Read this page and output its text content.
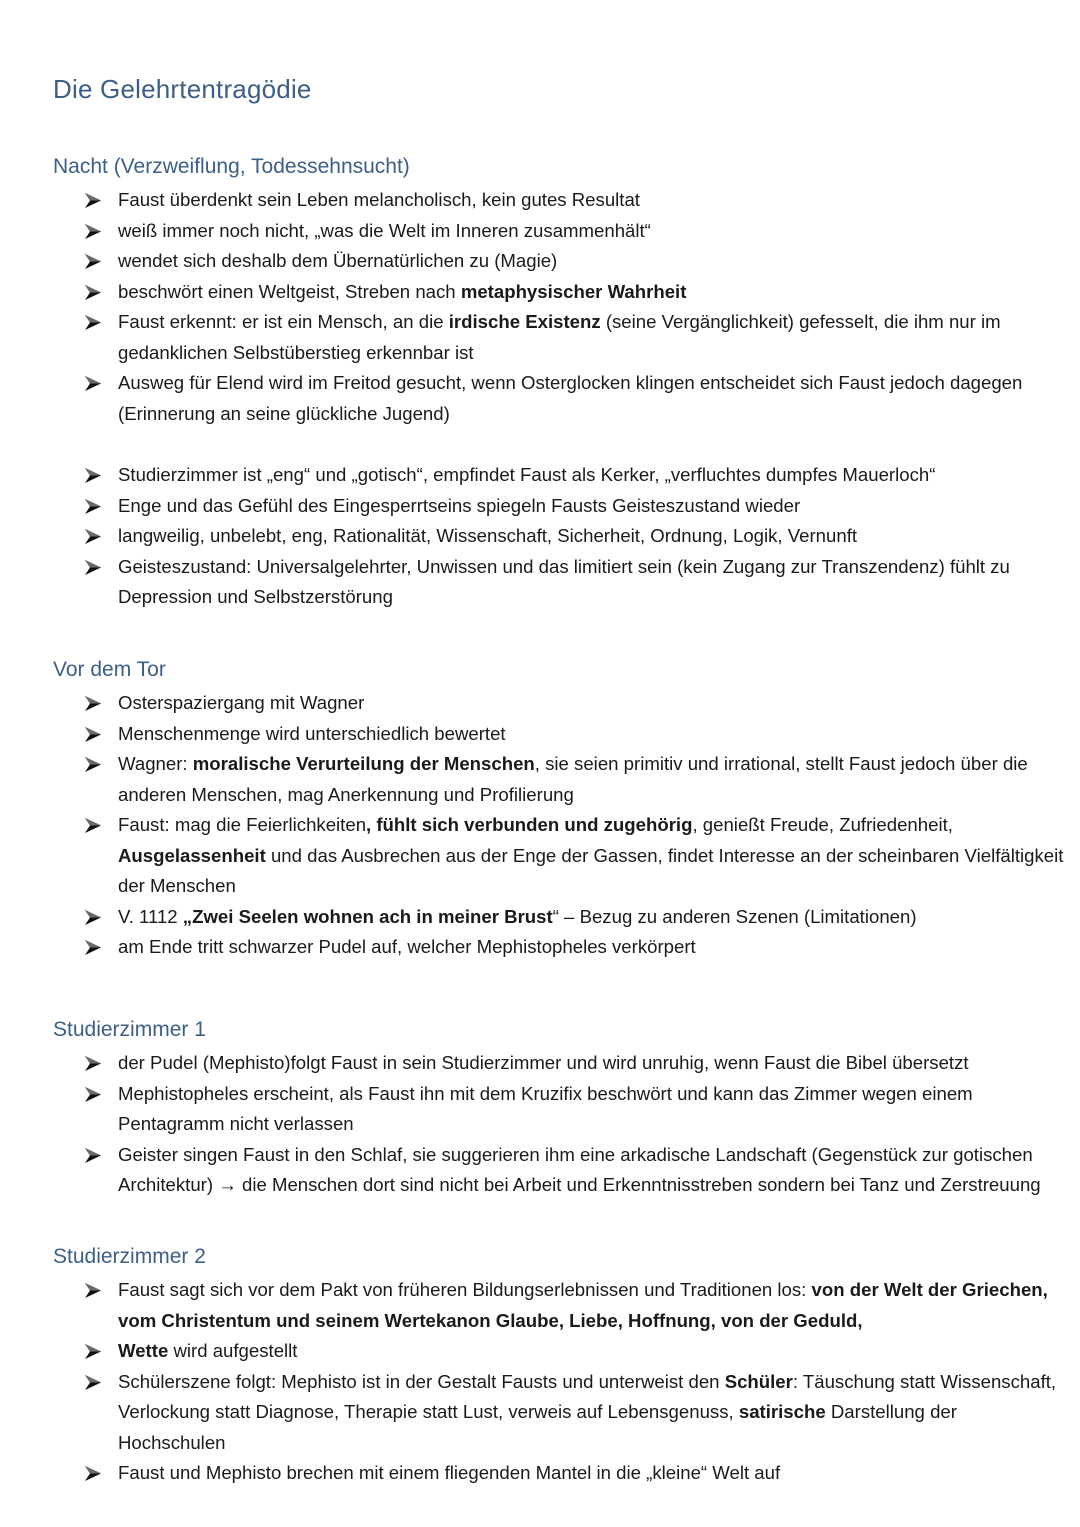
Die Gelehrtentragödie
Nacht (Verzweiflung, Todessehnsucht)
Faust überdenkt sein Leben melancholisch, kein gutes Resultat
weiß immer noch nicht, „was die Welt im Inneren zusammenhält“
wendet sich deshalb dem Übernatürlichen zu (Magie)
beschwört einen Weltgeist, Streben nach metaphysischer Wahrheit
Faust erkennt: er ist ein Mensch, an die irdische Existenz (seine Vergänglichkeit) gefesselt, die ihm nur im gedanklichen Selbstüberstieg erkennbar ist
Ausweg für Elend wird im Freitod gesucht, wenn Osterglocken klingen entscheidet sich Faust jedoch dagegen (Erinnerung an seine glückliche Jugend)
Studierzimmer ist „eng“ und „gotisch“, empfindet Faust als Kerker, „verfluchtes dumpfes Mauerloch“
Enge und das Gefühl des Eingesperrtseins spiegeln Fausts Geisteszustand wieder
langweilig, unbelebt, eng, Rationalität, Wissenschaft, Sicherheit, Ordnung, Logik, Vernunft
Geisteszustand: Universalgelehrter, Unwissen und das limitiert sein (kein Zugang zur Transzendenz) fühlt zu Depression und Selbstzerstörung
Vor dem Tor
Osterspaziergang mit Wagner
Menschenmenge wird unterschiedlich bewertet
Wagner: moralische Verurteilung der Menschen, sie seien primitiv und irrational, stellt Faust jedoch über die anderen Menschen, mag Anerkennung und Profilierung
Faust: mag die Feierlichkeiten, fühlt sich verbunden und zugehörig, genießt Freude, Zufriedenheit, Ausgelassenheit und das Ausbrechen aus der Enge der Gassen, findet Interesse an der scheinbaren Vielfältigkeit der Menschen
V. 1112 „Zwei Seelen wohnen ach in meiner Brust“ – Bezug zu anderen Szenen (Limitationen)
am Ende tritt schwarzer Pudel auf, welcher Mephistopheles verkörpert
Studierzimmer 1
der Pudel (Mephisto)folgt Faust in sein Studierzimmer und wird unruhig, wenn Faust die Bibel übersetzt
Mephistopheles erscheint, als Faust ihn mit dem Kruzifix beschwört und kann das Zimmer wegen einem Pentagramm nicht verlassen
Geister singen Faust in den Schlaf, sie suggerieren ihm eine arkadische Landschaft (Gegenstück zur gotischen Architektur) → die Menschen dort sind nicht bei Arbeit und Erkenntnisstreben sondern bei Tanz und Zerstreuung
Studierzimmer 2
Faust sagt sich vor dem Pakt von früheren Bildungserlebnissen und Traditionen los: von der Welt der Griechen, vom Christentum und seinem Wertekanon Glaube, Liebe, Hoffnung, von der Geduld,
Wette wird aufgestellt
Schülerszene folgt: Mephisto ist in der Gestalt Fausts und unterweist den Schüler: Täuschung statt Wissenschaft, Verlockung statt Diagnose, Therapie statt Lust, verweis auf Lebensgenuss, satirische Darstellung der Hochschulen
Faust und Mephisto brechen mit einem fliegenden Mantel in die „kleine“ Welt auf
